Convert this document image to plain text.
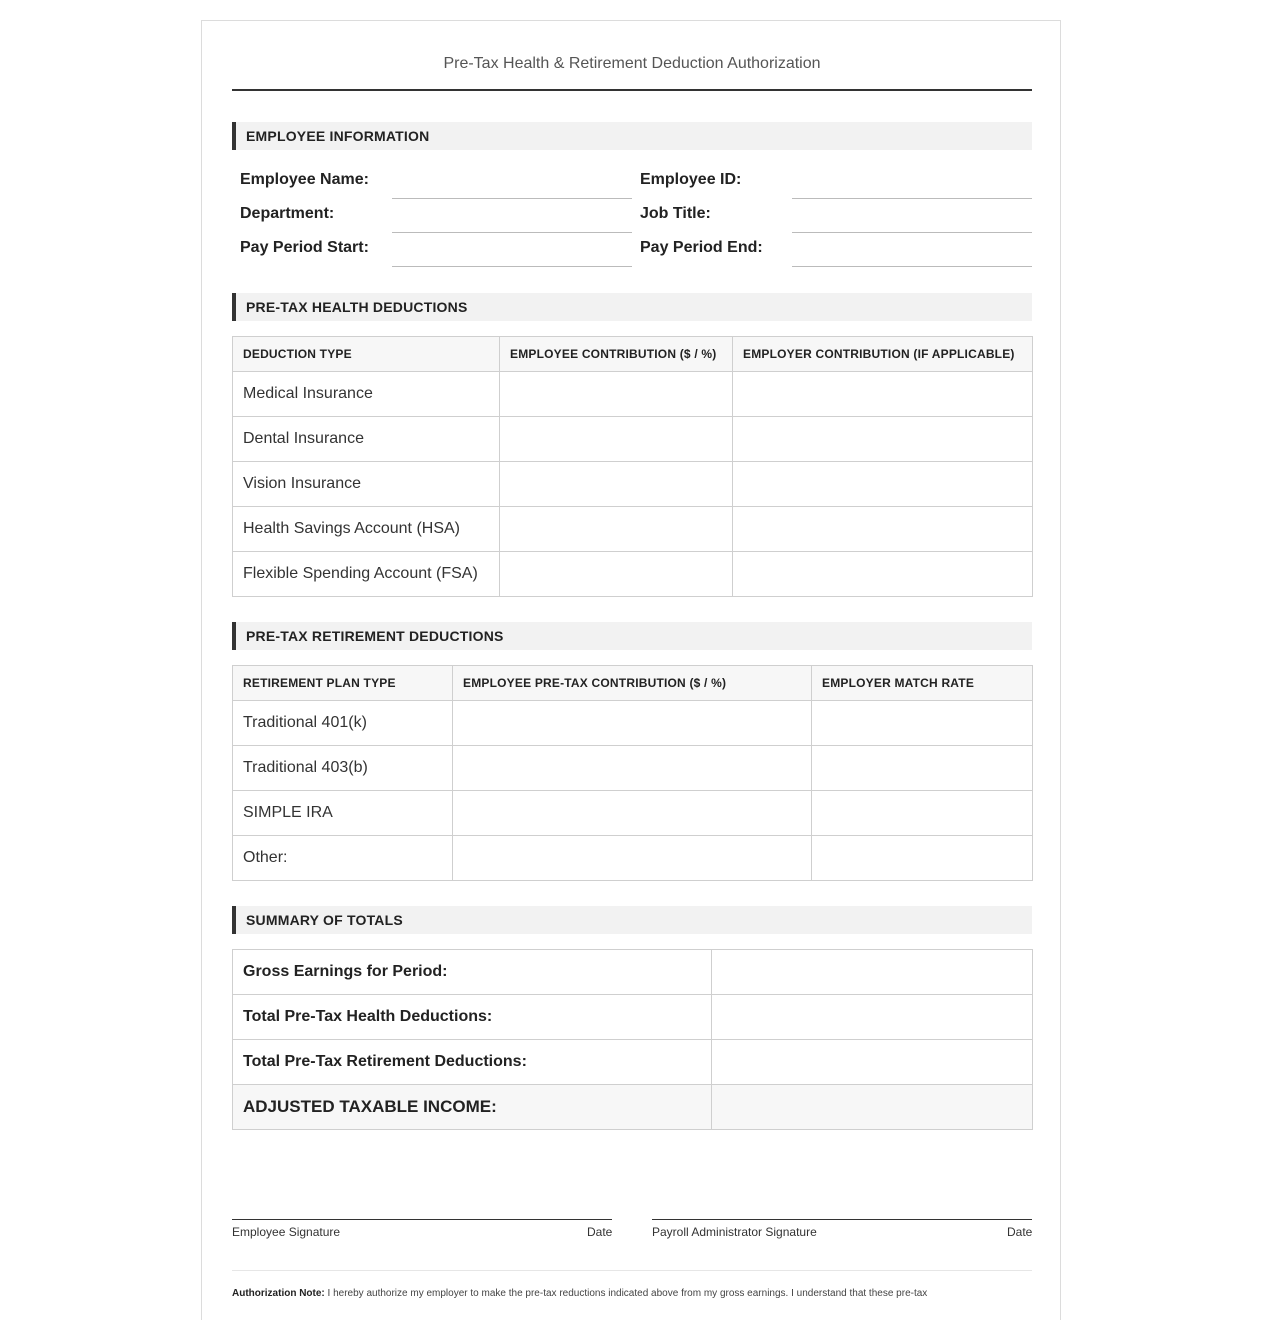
Pre-Tax Health & Retirement Deduction Authorization
EMPLOYEE INFORMATION
Employee Name:	Employee ID:
Department:	Job Title:
Pay Period Start:	Pay Period End:
PRE-TAX HEALTH DEDUCTIONS
DEDUCTION TYPE	EMPLOYEE CONTRIBUTION ($ / %)	EMPLOYER CONTRIBUTION (IF APPLICABLE)
Medical Insurance		
Dental Insurance		
Vision Insurance		
Health Savings Account (HSA)		
Flexible Spending Account (FSA)		
PRE-TAX RETIREMENT DEDUCTIONS
RETIREMENT PLAN TYPE	EMPLOYEE PRE-TAX CONTRIBUTION ($ / %)	EMPLOYER MATCH RATE
Traditional 401(k)		
Traditional 403(b)		
SIMPLE IRA		
Other:		
SUMMARY OF TOTALS
Gross Earnings for Period:	
Total Pre-Tax Health Deductions:	
Total Pre-Tax Retirement Deductions:	
ADJUSTED TAXABLE INCOME:	
Employee Signature	Date	Payroll Administrator Signature	Date
Authorization Note: I hereby authorize my employer to make the pre-tax reductions indicated above from my gross earnings. I understand that these pre-tax
